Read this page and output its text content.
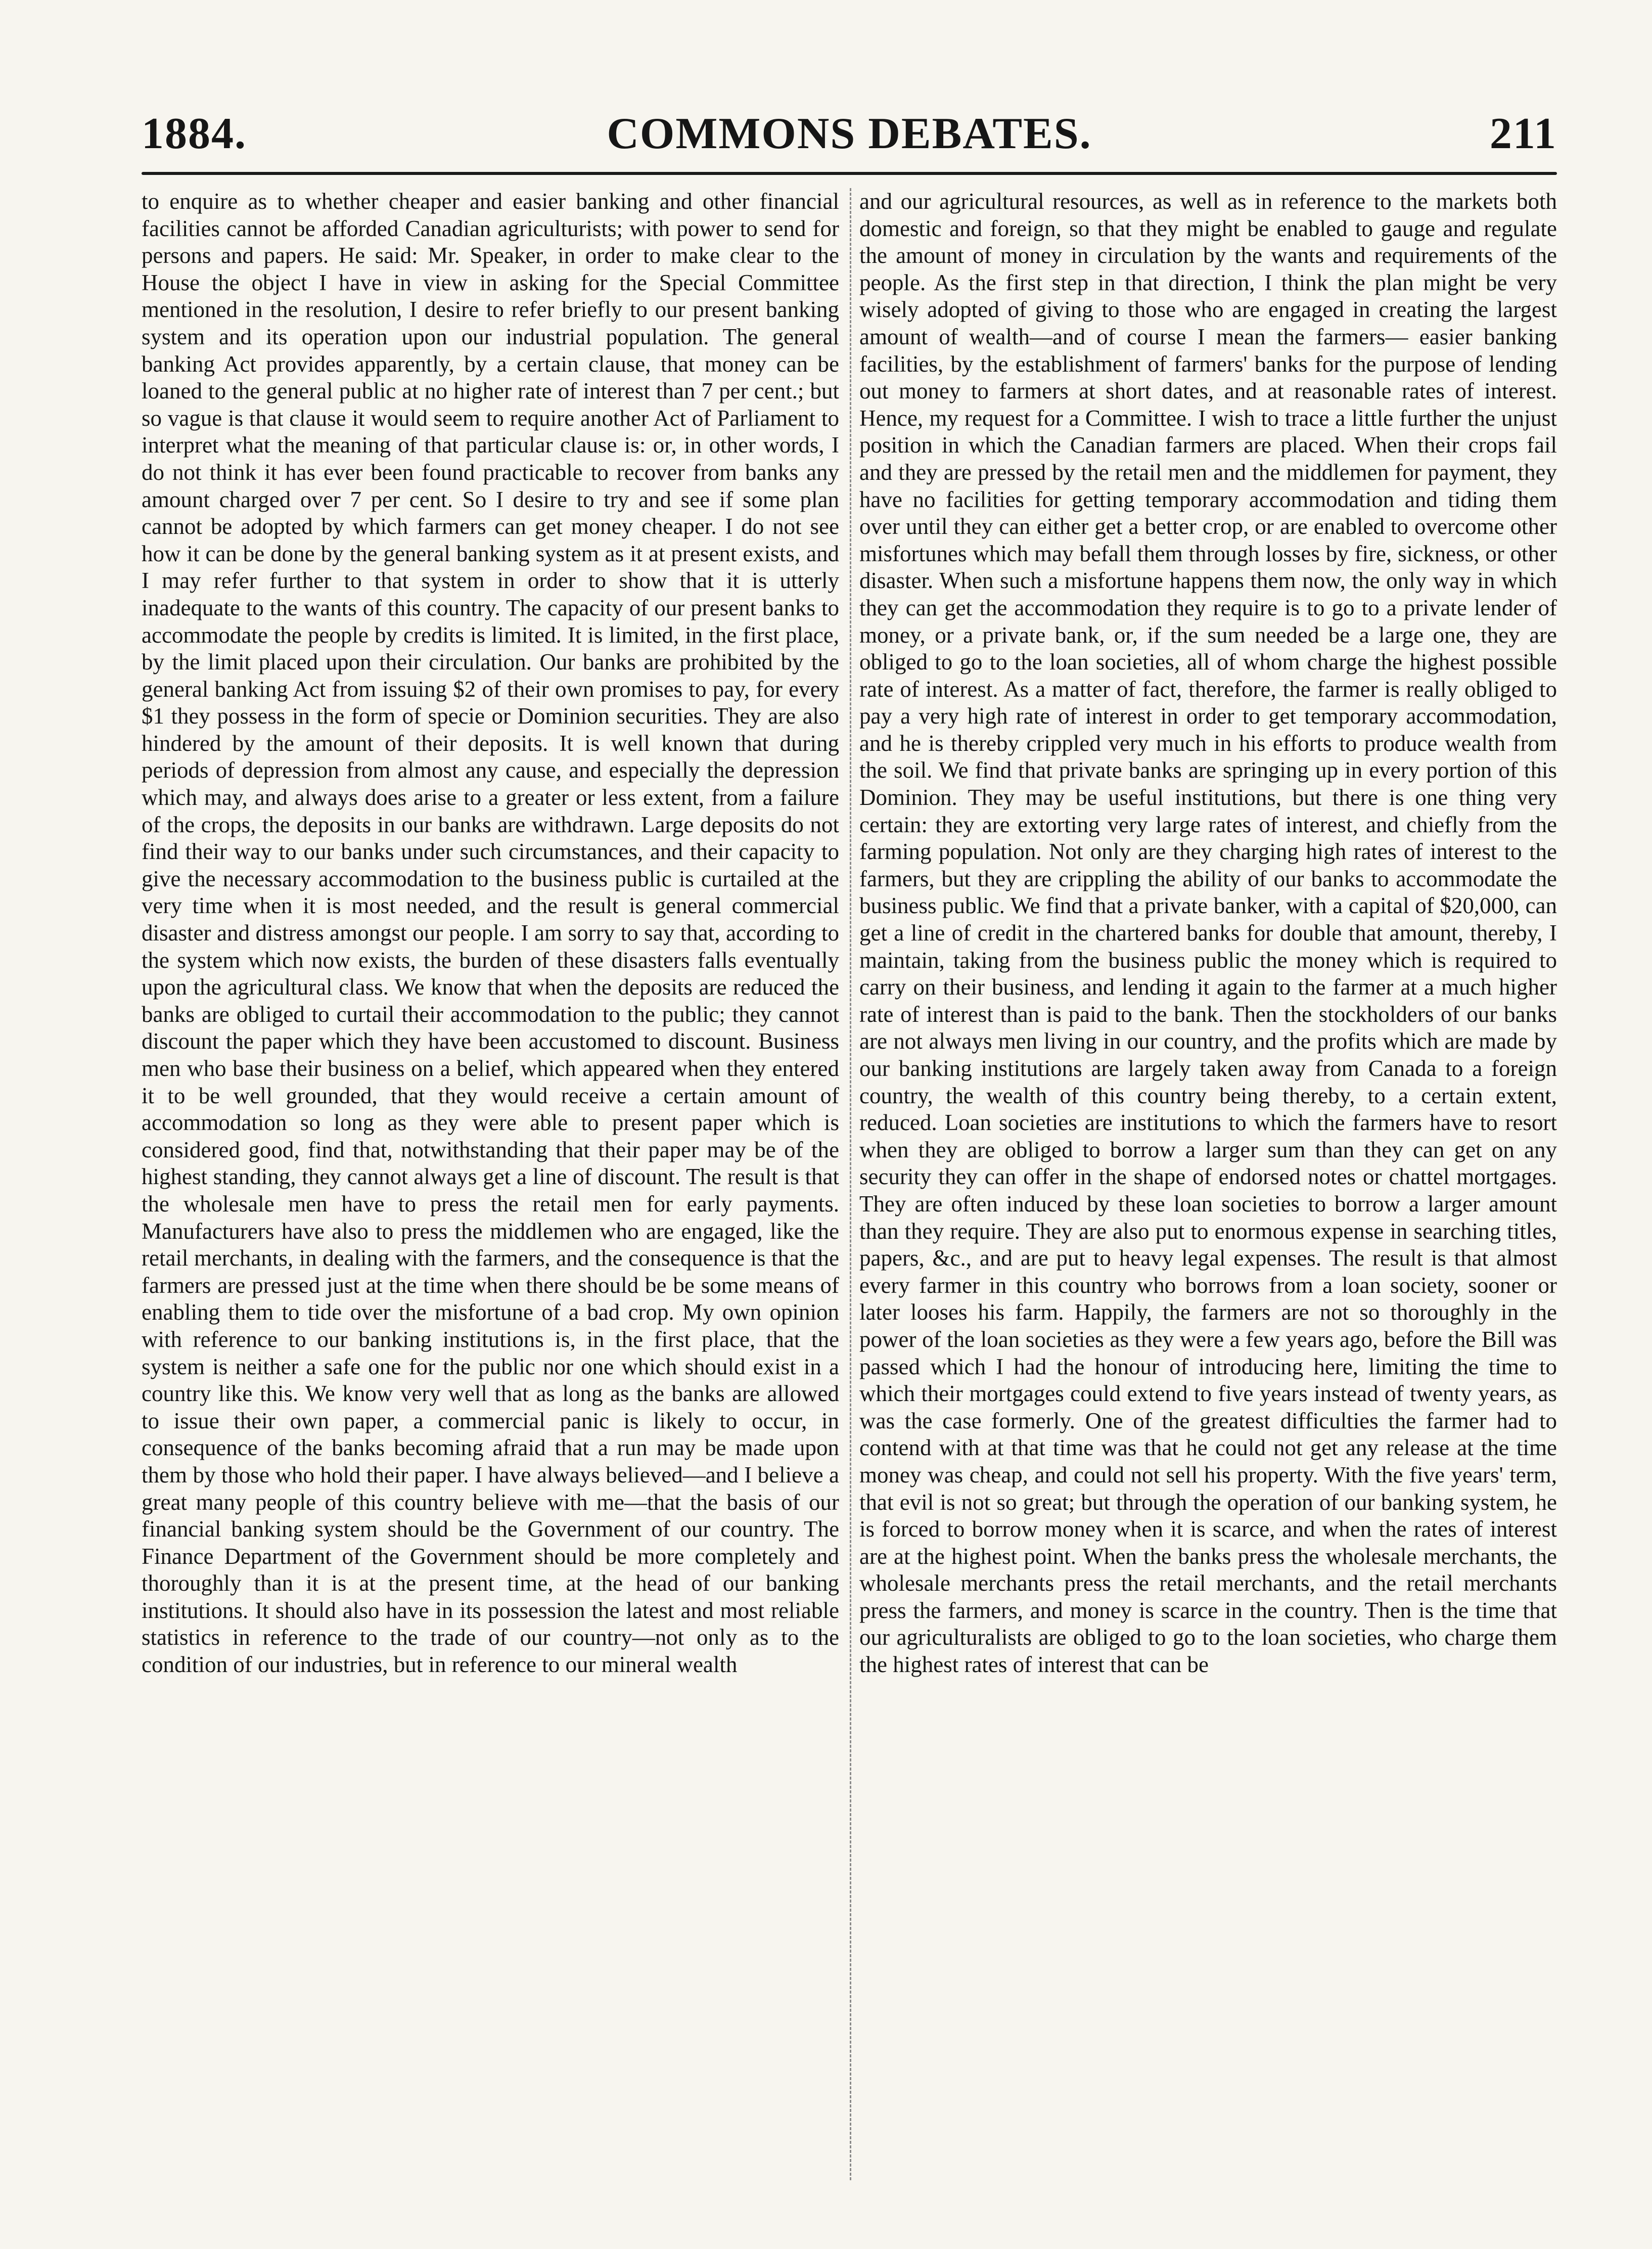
COMMONS DEBATES.
1884.	211

to enquire as to whether cheaper and easier banking and other financial facilities cannot be afforded Canadian agriculturists; with power to send for persons and papers. He said: Mr. Speaker, in order to make clear to the House the object I have in view in asking for the Special Committee mentioned in the resolution, I desire to refer briefly to our present banking system and its operation upon our industrial population. The general banking Act provides apparently, by a certain clause, that money can be loaned to the general public at no higher rate of interest than 7 per cent.; but so vague is that clause it would seem to require another Act of Parliament to interpret what the meaning of that particular clause is: or, in other words, I do not think it has ever been found practicable to recover from banks any amount charged over 7 per cent. So I desire to try and see if some plan cannot be adopted by which farmers can get money cheaper. I do not see how it can be done by the general banking system as it at present exists, and I may refer further to that system in order to show that it is utterly inadequate to the wants of this country. The capacity of our present banks to accommodate the people by credits is limited. It is limited, in the first place, by the limit placed upon their circulation. Our banks are prohibited by the general banking Act from issuing $2 of their own promises to pay, for every $1 they possess in the form of specie or Dominion securities. They are also hindered by the amount of their deposits. It is well known that during periods of depression from almost any cause, and especially the depression which may, and always does arise to a greater or less extent, from a failure of the crops, the deposits in our banks are withdrawn. Large deposits do not find their way to our banks under such circumstances, and their capacity to give the necessary accommodation to the business public is curtailed at the very time when it is most needed, and the result is general commercial disaster and distress amongst our people. I am sorry to say that, according to the system which now exists, the burden of these disasters falls eventually upon the agricultural class. We know that when the deposits are reduced the banks are obliged to curtail their accommodation to the public; they cannot discount the paper which they have been accustomed to discount. Business men who base their business on a belief, which appeared when they entered it to be well grounded, that they would receive a certain amount of accommodation so long as they were able to present paper which is considered good, find that, notwithstanding that their paper may be of the highest standing, they cannot always get a line of discount. The result is that the wholesale men have to press the retail men for early payments. Manufacturers have also to press the middlemen who are engaged, like the retail merchants, in dealing with the farmers, and the consequence is that the farmers are pressed just at the time when there should be be some means of enabling them to tide over the misfortune of a bad crop. My own opinion with reference to our banking institutions is, in the first place, that the system is neither a safe one for the public nor one which should exist in a country like this. We know very well that as long as the banks are allowed to issue their own paper, a commercial panic is likely to occur, in consequence of the banks becoming afraid that a run may be made upon them by those who hold their paper. I have always believed—and I believe a great many people of this country believe with me—that the basis of our financial banking system should be the Government of our country. The Finance Department of the Government should be more completely and thoroughly than it is at the present time, at the head of our banking institutions. It should also have in its possession the latest and most reliable statistics in reference to the trade of our country—not only as to the condition of our industries, but in reference to our mineral wealth

and our agricultural resources, as well as in reference to the markets both domestic and foreign, so that they might be enabled to gauge and regulate the amount of money in circulation by the wants and requirements of the people. As the first step in that direction, I think the plan might be very wisely adopted of giving to those who are engaged in creating the largest amount of wealth—and of course I mean the farmers— easier banking facilities, by the establishment of farmers' banks for the purpose of lending out money to farmers at short dates, and at reasonable rates of interest. Hence, my request for a Committee. I wish to trace a little further the unjust position in which the Canadian farmers are placed. When their crops fail and they are pressed by the retail men and the middlemen for payment, they have no facilities for getting temporary accommodation and tiding them over until they can either get a better crop, or are enabled to overcome other misfortunes which may befall them through losses by fire, sickness, or other disaster. When such a misfortune happens them now, the only way in which they can get the accommodation they require is to go to a private lender of money, or a private bank, or, if the sum needed be a large one, they are obliged to go to the loan societies, all of whom charge the highest possible rate of interest. As a matter of fact, therefore, the farmer is really obliged to pay a very high rate of interest in order to get temporary accommodation, and he is thereby crippled very much in his efforts to produce wealth from the soil. We find that private banks are springing up in every portion of this Dominion. They may be useful institutions, but there is one thing very certain: they are extorting very large rates of interest, and chiefly from the farming population. Not only are they charging high rates of interest to the farmers, but they are crippling the ability of our banks to accommodate the business public. We find that a private banker, with a capital of $20,000, can get a line of credit in the chartered banks for double that amount, thereby, I maintain, taking from the business public the money which is required to carry on their business, and lending it again to the farmer at a much higher rate of interest than is paid to the bank. Then the stockholders of our banks are not always men living in our country, and the profits which are made by our banking institutions are largely taken away from Canada to a foreign country, the wealth of this country being thereby, to a certain extent, reduced. Loan societies are institutions to which the farmers have to resort when they are obliged to borrow a larger sum than they can get on any security they can offer in the shape of endorsed notes or chattel mortgages. They are often induced by these loan societies to borrow a larger amount than they require. They are also put to enormous expense in searching titles, papers, &c., and are put to heavy legal expenses. The result is that almost every farmer in this country who borrows from a loan society, sooner or later looses his farm. Happily, the farmers are not so thoroughly in the power of the loan societies as they were a few years ago, before the Bill was passed which I had the honour of introducing here, limiting the time to which their mortgages could extend to five years instead of twenty years, as was the case formerly. One of the greatest difficulties the farmer had to contend with at that time was that he could not get any release at the time money was cheap, and could not sell his property. With the five years' term, that evil is not so great; but through the operation of our banking system, he is forced to borrow money when it is scarce, and when the rates of interest are at the highest point. When the banks press the wholesale merchants, the wholesale merchants press the retail merchants, and the retail merchants press the farmers, and money is scarce in the country. Then is the time that our agriculturalists are obliged to go to the loan societies, who charge them the highest rates of interest that can be
